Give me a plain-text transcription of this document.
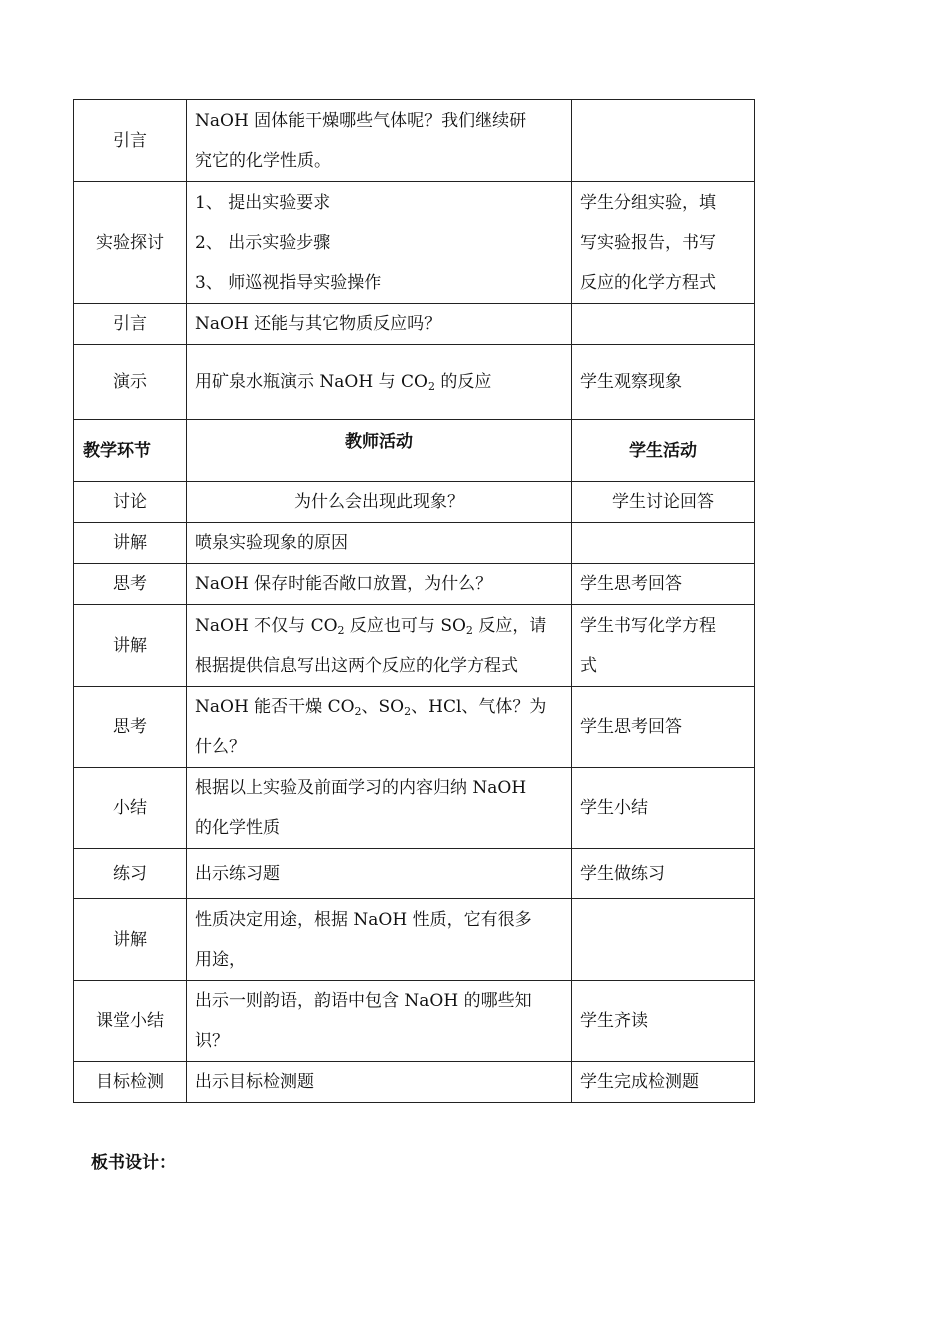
引言	NaOH 固体能干燥哪些气体呢？我们继续研
究它的化学性质。	

实验探讨	1、 提出实验要求
2、 出示实验步骤
3、 师巡视指导实验操作	学生分组实验，填
写实验报告，书写
反应的化学方程式

引言	NaOH 还能与其它物质反应吗？	
演示	用矿泉水瓶演示 NaOH 与 $CO_2$ 的反应	学生观察现象
教学环节	教师活动	学生活动
讨论	为什么会出现此现象？	学生讨论回答
讲解	喷泉实验现象的原因	
思考	NaOH 保存时能否敞口放置，为什么？	学生思考回答
讲解	NaOH 不仅与 $CO_2$ 反应也可与 $SO_2$ 反应，请
根据提供信息写出这两个反应的化学方程式	学生书写化学方程
式

思考	NaOH 能否干燥 $CO_2$、$SO_2$、HCl、气体？为
什么？	学生思考回答
小结	根据以上实验及前面学习的内容归纳 NaOH
的化学性质	学生小结
练习	出示练习题	学生做练习
讲解	性质决定用途，根据 NaOH 性质，它有很多
用途，	

课堂小结	出示一则韵语，韵语中包含 NaOH 的哪些知
识？	学生齐读
目标检测	出示目标检测题	学生完成检测题
板书设计：
